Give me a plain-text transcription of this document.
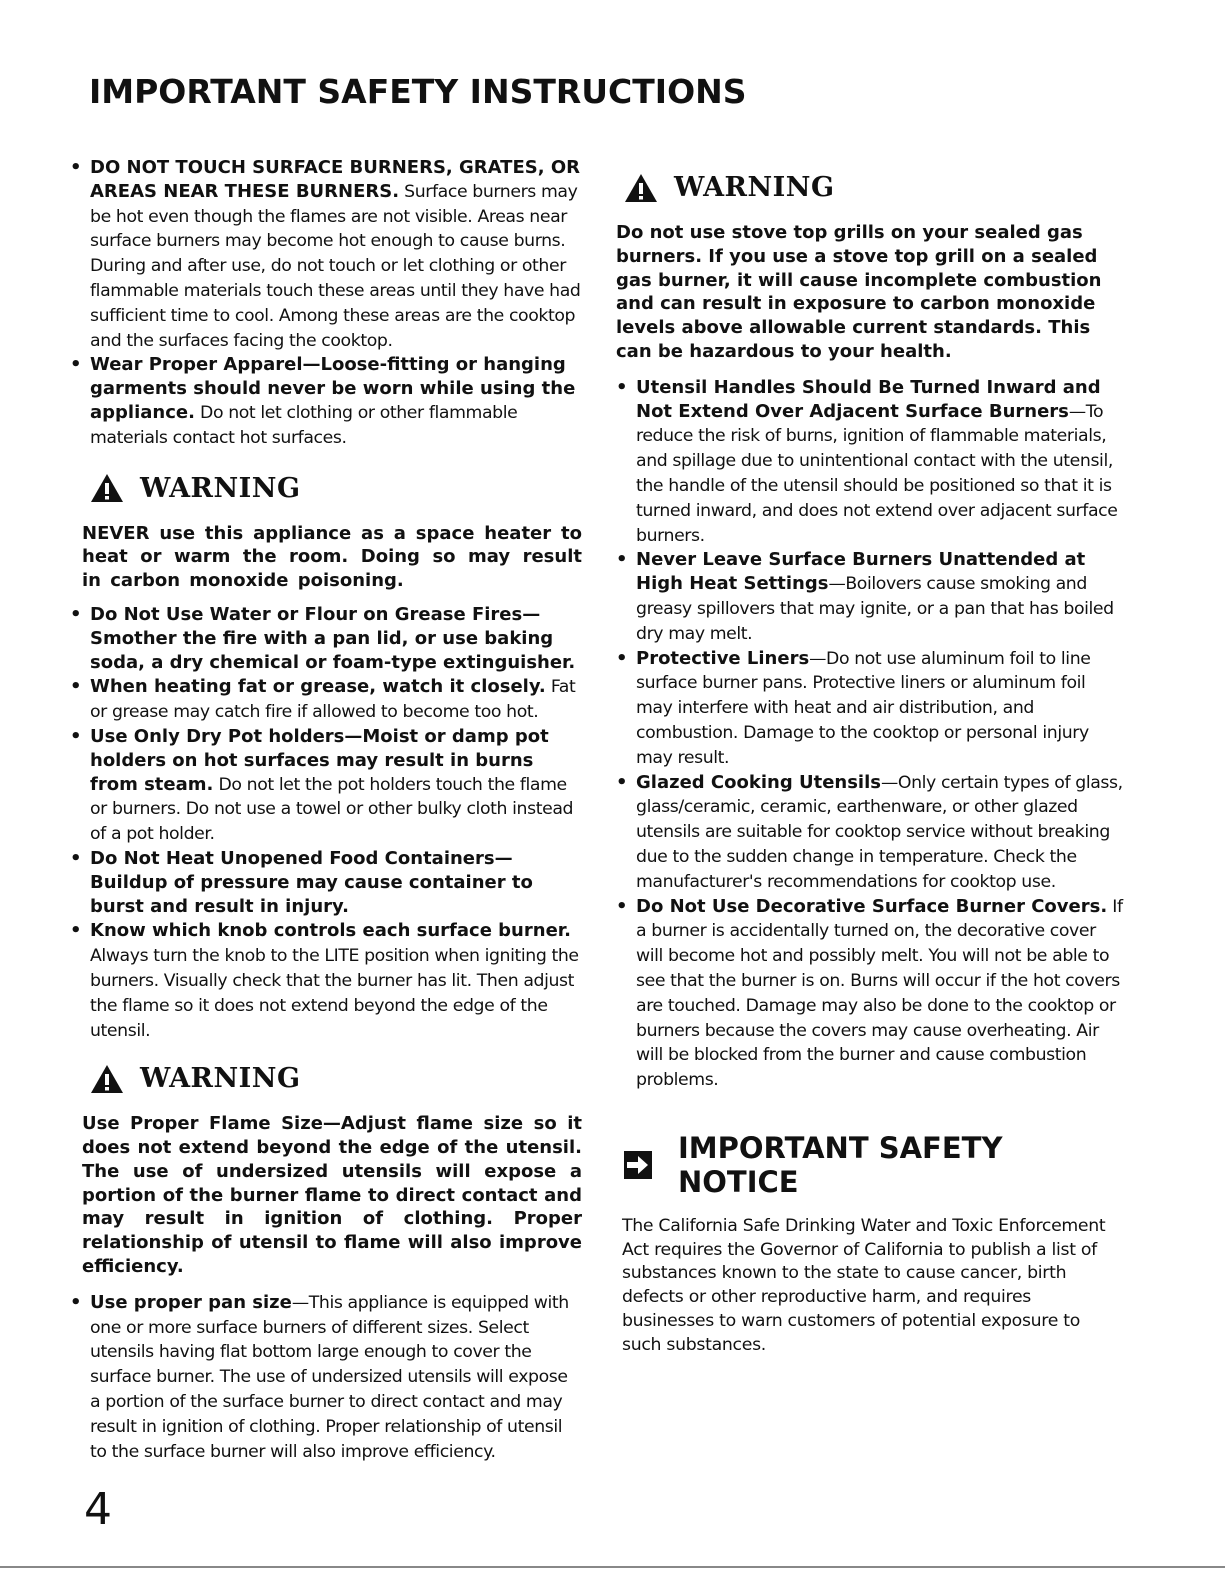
IMPORTANT SAFETY INSTRUCTIONS

• DO NOT TOUCH SURFACE BURNERS, GRATES, OR AREAS NEAR THESE BURNERS. Surface burners may be hot even though the flames are not visible. Areas near surface burners may become hot enough to cause burns. During and after use, do not touch or let clothing or other flammable materials touch these areas until they have had sufficient time to cool. Among these areas are the cooktop and the surfaces facing the cooktop.

• Wear Proper Apparel—Loose-fitting or hanging garments should never be worn while using the appliance. Do not let clothing or other flammable materials contact hot surfaces.

WARNING

NEVER use this appliance as a space heater to heat or warm the room. Doing so may result in carbon monoxide poisoning.

• Do Not Use Water or Flour on Grease Fires—Smother the fire with a pan lid, or use baking soda, a dry chemical or foam-type extinguisher.

• When heating fat or grease, watch it closely. Fat or grease may catch fire if allowed to become too hot.

• Use Only Dry Pot holders—Moist or damp pot holders on hot surfaces may result in burns from steam. Do not let the pot holders touch the flame or burners. Do not use a towel or other bulky cloth instead of a pot holder.

• Do Not Heat Unopened Food Containers—Buildup of pressure may cause container to burst and result in injury.

• Know which knob controls each surface burner. Always turn the knob to the LITE position when igniting the burners. Visually check that the burner has lit. Then adjust the flame so it does not extend beyond the edge of the utensil.

WARNING

Use Proper Flame Size—Adjust flame size so it does not extend beyond the edge of the utensil. The use of undersized utensils will expose a portion of the burner flame to direct contact and may result in ignition of clothing. Proper relationship of utensil to flame will also improve efficiency.

• Use proper pan size—This appliance is equipped with one or more surface burners of different sizes. Select utensils having flat bottom large enough to cover the surface burner. The use of undersized utensils will expose a portion of the surface burner to direct contact and may result in ignition of clothing. Proper relationship of utensil to the surface burner will also improve efficiency.

WARNING

Do not use stove top grills on your sealed gas burners. If you use a stove top grill on a sealed gas burner, it will cause incomplete combustion and can result in exposure to carbon monoxide levels above allowable current standards. This can be hazardous to your health.

• Utensil Handles Should Be Turned Inward and Not Extend Over Adjacent Surface Burners—To reduce the risk of burns, ignition of flammable materials, and spillage due to unintentional contact with the utensil, the handle of the utensil should be positioned so that it is turned inward, and does not extend over adjacent surface burners.

• Never Leave Surface Burners Unattended at High Heat Settings—Boilovers cause smoking and greasy spillovers that may ignite, or a pan that has boiled dry may melt.

• Protective Liners—Do not use aluminum foil to line surface burner pans. Protective liners or aluminum foil may interfere with heat and air distribution, and combustion. Damage to the cooktop or personal injury may result.

• Glazed Cooking Utensils—Only certain types of glass, glass/ceramic, ceramic, earthenware, or other glazed utensils are suitable for cooktop service without breaking due to the sudden change in temperature. Check the manufacturer's recommendations for cooktop use.

• Do Not Use Decorative Surface Burner Covers. If a burner is accidentally turned on, the decorative cover will become hot and possibly melt. You will not be able to see that the burner is on. Burns will occur if the hot covers are touched. Damage may also be done to the cooktop or burners because the covers may cause overheating. Air will be blocked from the burner and cause combustion problems.

IMPORTANT SAFETY NOTICE

The California Safe Drinking Water and Toxic Enforcement Act requires the Governor of California to publish a list of substances known to the state to cause cancer, birth defects or other reproductive harm, and requires businesses to warn customers of potential exposure to such substances.

4
